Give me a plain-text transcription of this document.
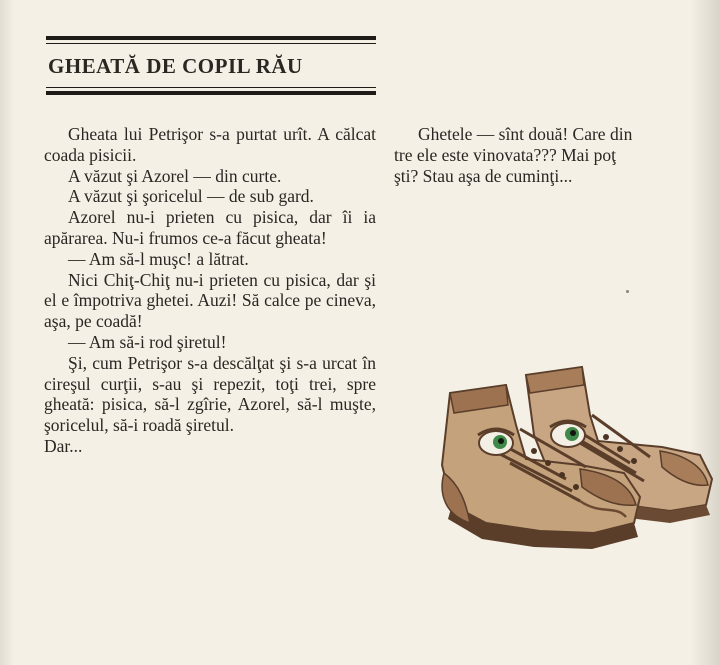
GHEATĂ DE COPIL RĂU

Gheata lui Petrişor s-a purtat urît. A călcat coada pisicii.

A văzut şi Azorel — din curte.

A văzut şi şoricelul — de sub gard.

Azorel nu-i prieten cu pisica, dar îi ia apărarea. Nu-i frumos ce-a făcut gheata!

— Am să-l muşc! a lătrat.

Nici Chiţ-Chiţ nu-i prieten cu pisica, dar şi el e împotriva ghetei. Auzi! Să calce pe cineva, aşa, pe coadă!

— Am să-i rod şiretul!

Şi, cum Petrişor s-a descălţat şi s-a urcat în cireşul curţii, s-au şi repezit, toţi trei, spre gheată: pisica, să-l zgîrie, Azorel, să-l muşte, şoricelul, să-i roadă şiretul.

Dar...

Ghetele — sînt două! Care din

tre ele este vinovata??? Mai poţ

şti? Stau aşa de cuminţi...
